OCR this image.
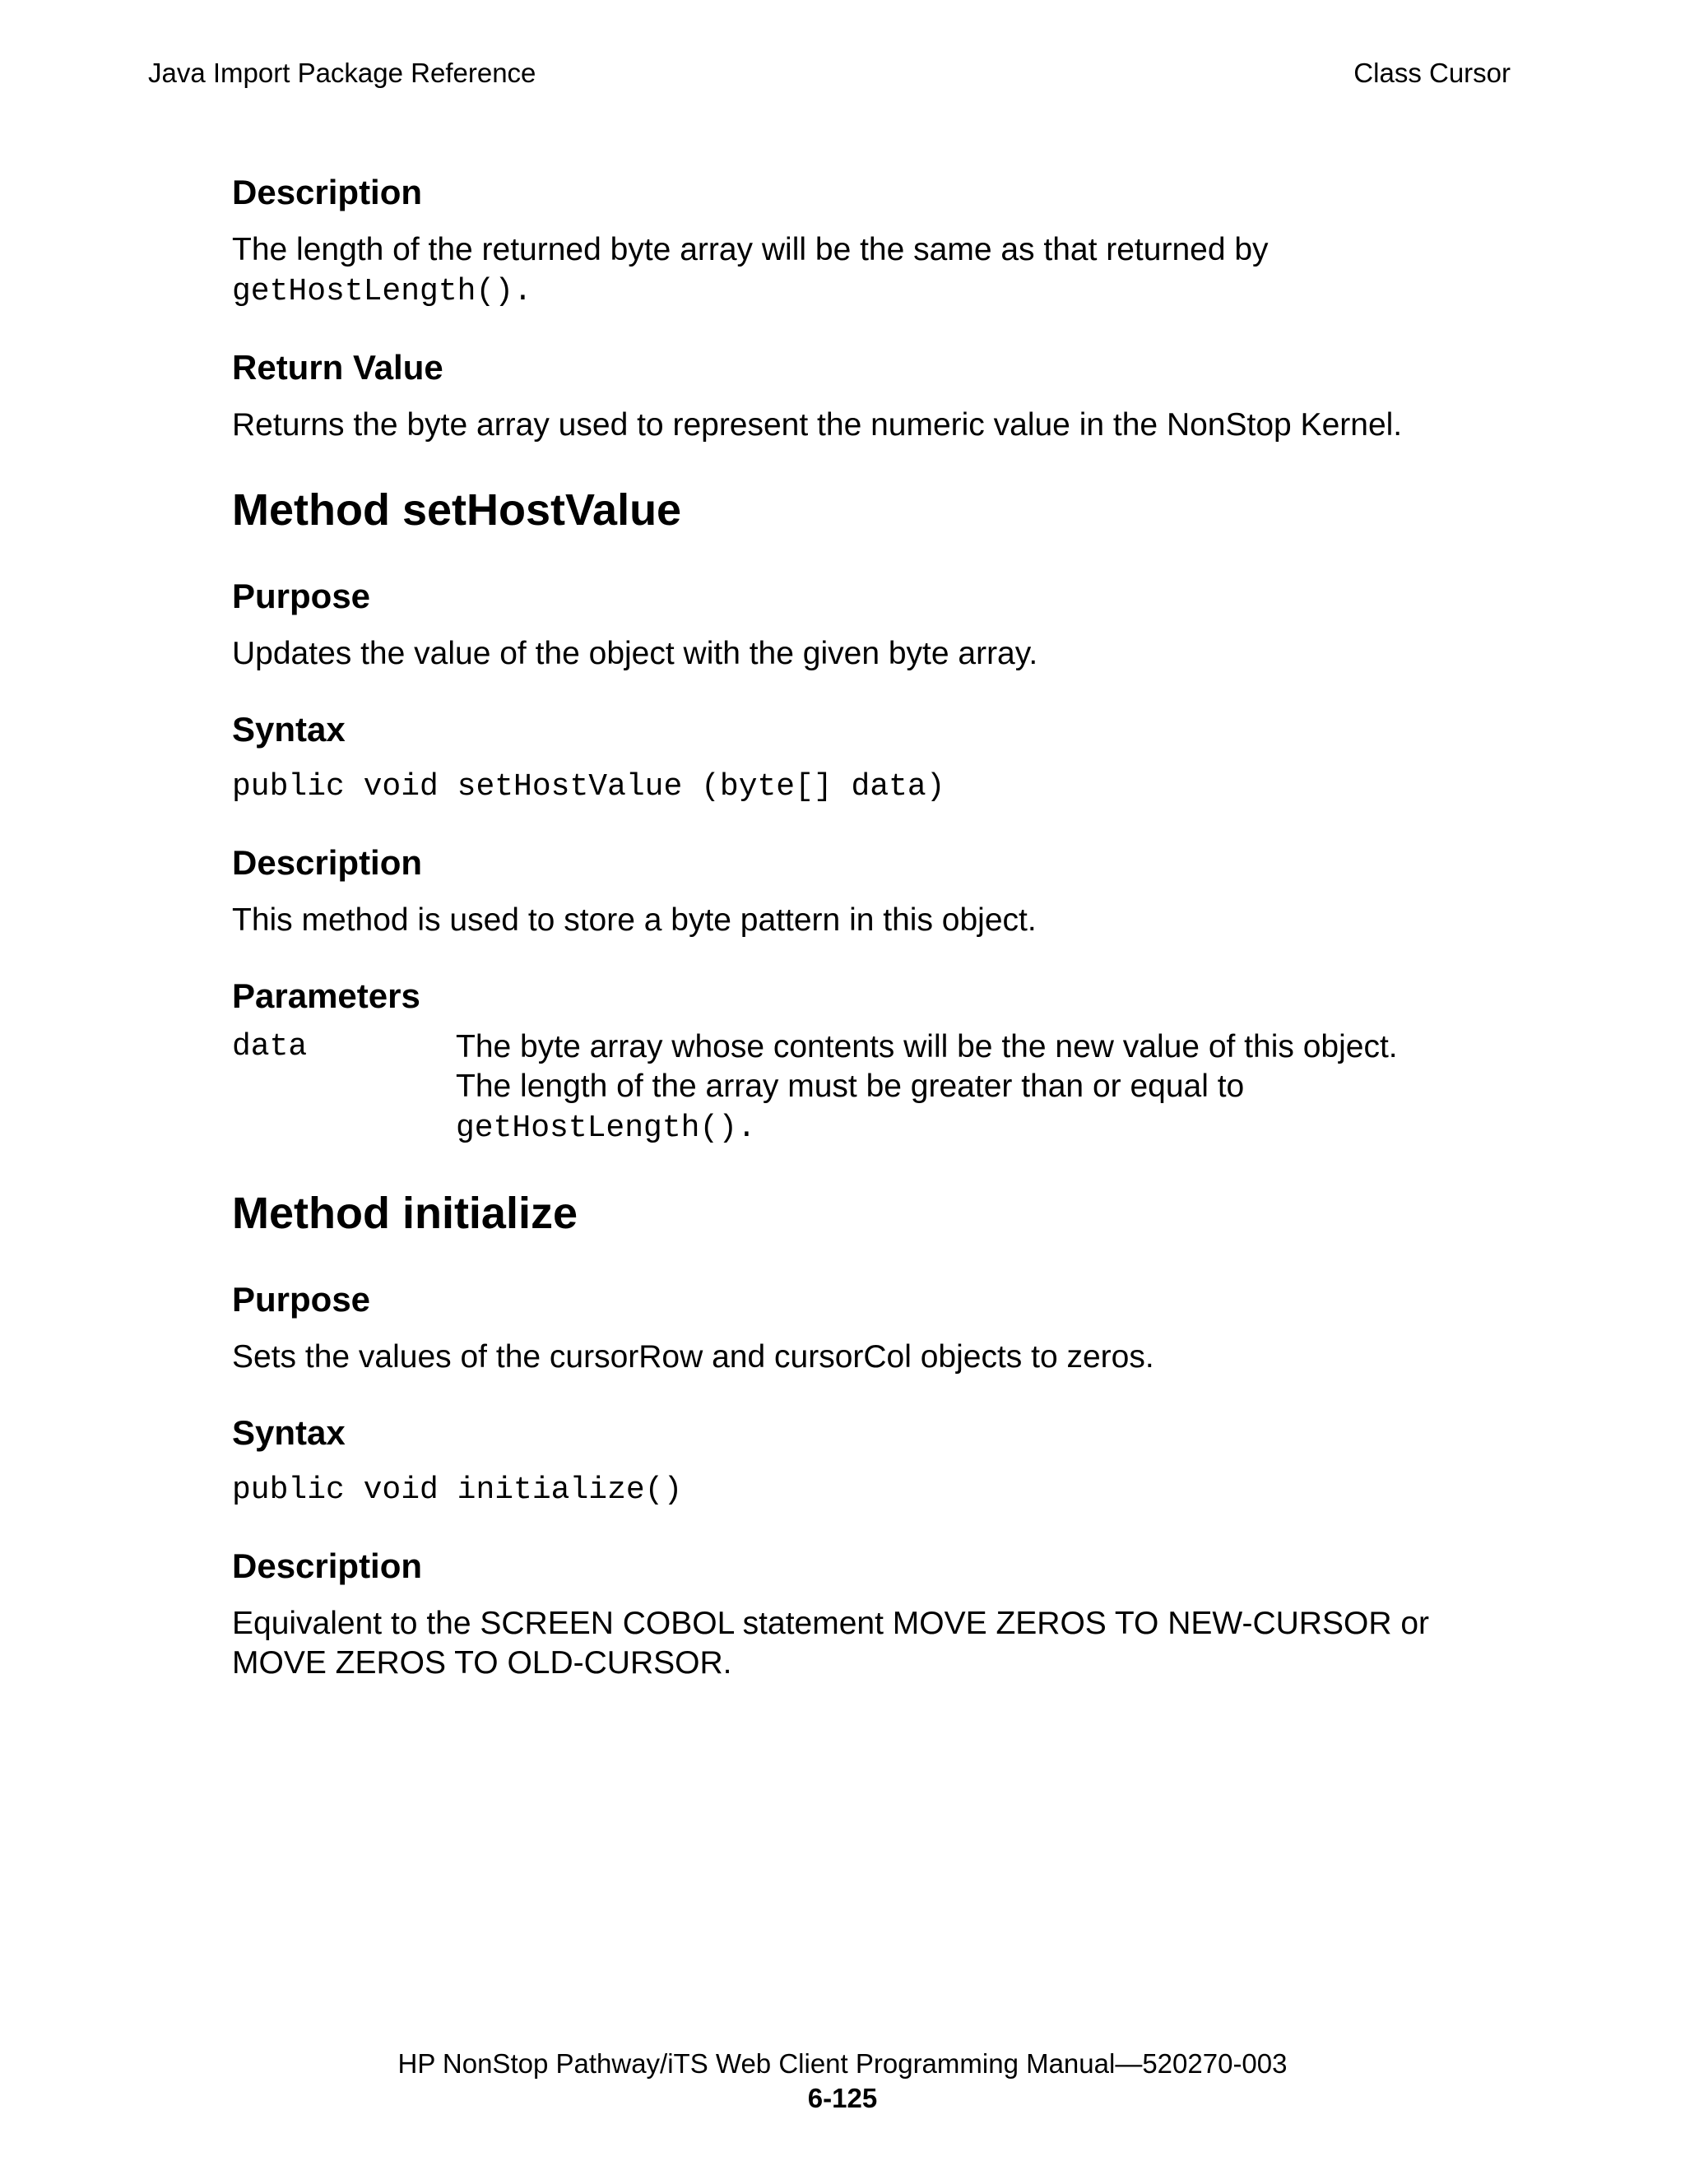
Java Import Package Reference	Class Cursor
Description

The length of the returned byte array will be the same as that returned by
getHostLength().

Return Value

Returns the byte array used to represent the numeric value in the NonStop Kernel.

Method setHostValue
Purpose

Updates the value of the object with the given byte array.

Syntax
public void setHostValue (byte[] data)
Description

This method is used to store a byte pattern in this object.

Parameters
data	The byte array whose contents will be the new value of this object.
The length of the array must be greater than or equal to
getHostLength().
Method initialize
Purpose

Sets the values of the cursorRow and cursorCol objects to zeros.

Syntax
public void initialize()
Description

Equivalent to the SCREEN COBOL statement MOVE ZEROS TO NEW-CURSOR or MOVE ZEROS TO OLD-CURSOR.

HP NonStop Pathway/iTS Web Client Programming Manual—520270-003
6-125
